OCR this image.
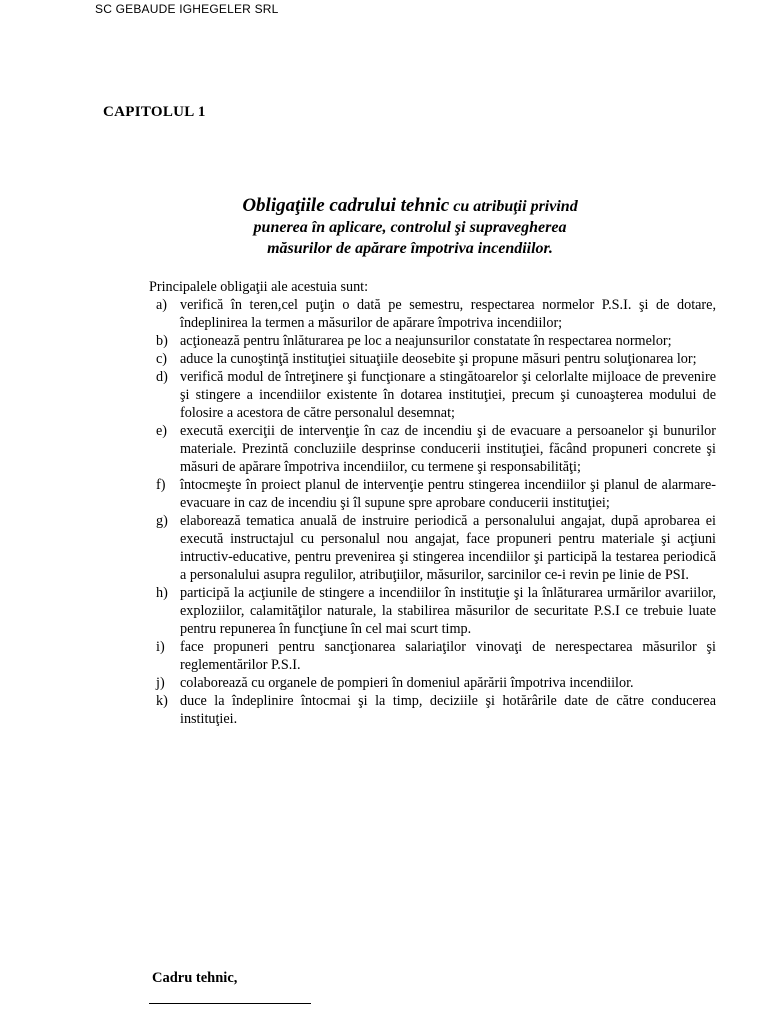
SC GEBAUDE IGHEGELER SRL
CAPITOLUL 1
Obligaţiile cadrului tehnic cu atribuţii privind
punerea în aplicare, controlul şi supravegherea
măsurilor de apărare împotriva incendiilor.
Principalele obligaţii ale acestuia sunt:
a) verifică în teren,cel puţin o dată pe semestru, respectarea normelor P.S.I. şi de dotare, îndeplinirea la termen a măsurilor de apărare împotriva incendiilor;
b) acţionează pentru înlăturarea pe loc a neajunsurilor constatate în respectarea normelor;
c) aduce la cunoştinţă instituţiei situaţiile deosebite şi propune măsuri pentru soluţionarea lor;
d) verifică modul de întreţinere şi funcţionare a stingătoarelor şi celorlalte mijloace de prevenire şi stingere a incendiilor existente în dotarea instituţiei, precum şi cunoaşterea modului de folosire a acestora de către personalul desemnat;
e) execută exerciţii de intervenţie în caz de incendiu şi de evacuare a persoanelor şi bunurilor materiale. Prezintă concluziile desprinse conducerii instituţiei, făcând propuneri concrete şi măsuri de apărare împotriva incendiilor, cu termene şi responsabilităţi;
f) întocmeşte în proiect planul de intervenţie pentru stingerea incendiilor şi planul de alarmare-evacuare in caz de incendiu şi îl supune spre aprobare conducerii instituţiei;
g) elaborează tematica anuală de instruire periodică a personalului angajat, după aprobarea ei execută instructajul cu personalul nou angajat, face propuneri pentru materiale şi acţiuni intructiv-educative, pentru prevenirea şi stingerea incendiilor şi participă la testarea periodică a personalului asupra regulilor, atribuţiilor, măsurilor, sarcinilor ce-i revin pe linie de PSI.
h) participă la acţiunile de stingere a incendiilor în instituţie şi la înlăturarea urmărilor avariilor, exploziilor, calamităţilor naturale, la stabilirea măsurilor de securitate P.S.I ce trebuie luate pentru repunerea în funcţiune în cel mai scurt timp.
i) face propuneri pentru sancţionarea salariaţilor vinovaţi de nerespectarea măsurilor şi reglementărilor P.S.I.
j) colaborează cu organele de pompieri în domeniul apărării împotriva incendiilor.
k) duce la îndeplinire întocmai şi la timp, deciziile şi hotărârile date de către conducerea instituţiei.
Cadru tehnic,
